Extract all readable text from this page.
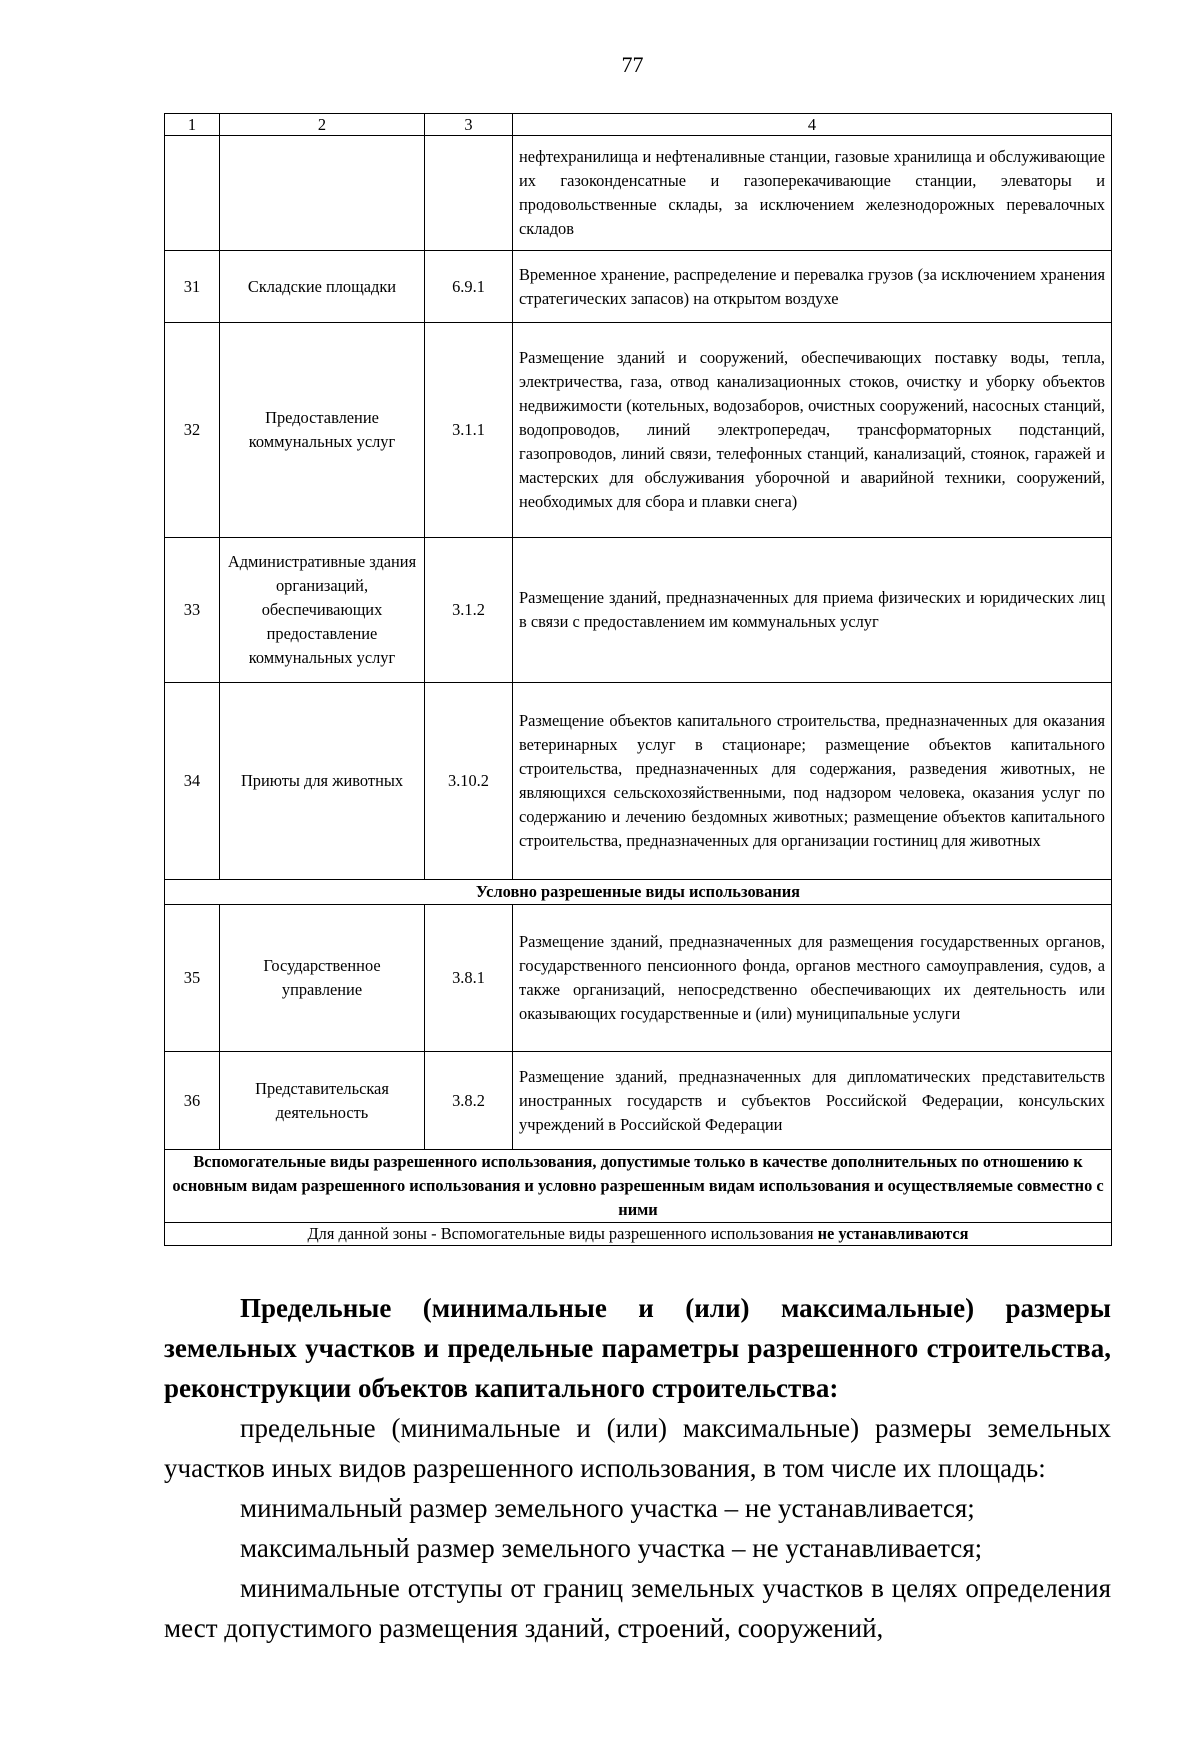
77
1	2	3	4
			нефтехранилища и нефтеналивные станции, газовые хранилища и обслуживающие их газоконденсатные и газоперекачивающие станции, элеваторы и продовольственные склады, за исключением железнодорожных перевалочных складов
31	Складские площадки	6.9.1	Временное хранение, распределение и перевалка грузов (за исключением хранения стратегических запасов) на открытом воздухе
32	Предоставление коммунальных услуг	3.1.1	Размещение зданий и сооружений, обеспечивающих поставку воды, тепла, электричества, газа, отвод канализационных стоков, очистку и уборку объектов недвижимости (котельных, водозаборов, очистных сооружений, насосных станций, водопроводов, линий электропередач, трансформаторных подстанций, газопроводов, линий связи, телефонных станций, канализаций, стоянок, гаражей и мастерских для обслуживания уборочной и аварийной техники, сооружений, необходимых для сбора и плавки снега)
33	Административные здания организаций, обеспечивающих предоставление коммунальных услуг	3.1.2	Размещение зданий, предназначенных для приема физических и юридических лиц в связи с предоставлением им коммунальных услуг
34	Приюты для животных	3.10.2	Размещение объектов капитального строительства, предназначенных для оказания ветеринарных услуг в стационаре; размещение объектов капитального строительства, предназначенных для содержания, разведения животных, не являющихся сельскохозяйственными, под надзором человека, оказания услуг по содержанию и лечению бездомных животных; размещение объектов капитального строительства, предназначенных для организации гостиниц для животных
Условно разрешенные виды использования			
35	Государственное управление	3.8.1	Размещение зданий, предназначенных для размещения государственных органов, государственного пенсионного фонда, органов местного самоуправления, судов, а также организаций, непосредственно обеспечивающих их деятельность или оказывающих государственные и (или) муниципальные услуги
36	Представительская деятельность	3.8.2	Размещение зданий, предназначенных для дипломатических представительств иностранных государств и субъектов Российской Федерации, консульских учреждений в Российской Федерации
Вспомогательные виды разрешенного использования, допустимые только в качестве дополнительных по отношению к основным видам разрешенного использования и условно разрешенным видам использования и осуществляемые совместно с ними			
Для данной зоны - Вспомогательные виды разрешенного использования не устанавливаются			

Предельные (минимальные и (или) максимальные) размеры земельных участков и предельные параметры разрешенного строительства, реконструкции объектов капитального строительства:

предельные (минимальные и (или) максимальные) размеры земельных участков иных видов разрешенного использования, в том числе их площадь:

минимальный размер земельного участка – не устанавливается;

максимальный размер земельного участка – не устанавливается;

минимальные отступы от границ земельных участков в целях определения мест допустимого размещения зданий, строений, сооружений,
